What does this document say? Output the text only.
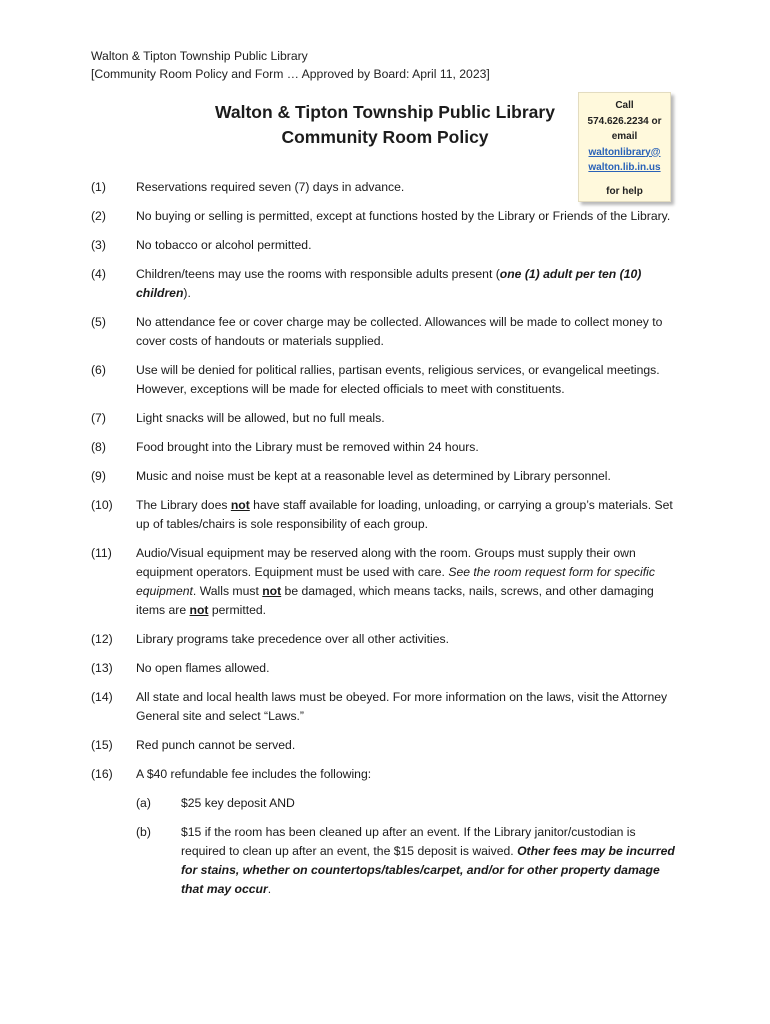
Walton & Tipton Township Public Library
[Community Room Policy and Form … Approved by Board: April 11, 2023]
Walton & Tipton Township Public Library
Community Room Policy
Call
574.626.2234 or
email
waltonlibrary@
walton.lib.in.us
for help
(1) Reservations required seven (7) days in advance.
(2) No buying or selling is permitted, except at functions hosted by the Library or Friends of the Library.
(3) No tobacco or alcohol permitted.
(4) Children/teens may use the rooms with responsible adults present (one (1) adult per ten (10) children).
(5) No attendance fee or cover charge may be collected. Allowances will be made to collect money to cover costs of handouts or materials supplied.
(6) Use will be denied for political rallies, partisan events, religious services, or evangelical meetings. However, exceptions will be made for elected officials to meet with constituents.
(7) Light snacks will be allowed, but no full meals.
(8) Food brought into the Library must be removed within 24 hours.
(9) Music and noise must be kept at a reasonable level as determined by Library personnel.
(10) The Library does not have staff available for loading, unloading, or carrying a group’s materials. Set up of tables/chairs is sole responsibility of each group.
(11) Audio/Visual equipment may be reserved along with the room. Groups must supply their own equipment operators. Equipment must be used with care. See the room request form for specific equipment. Walls must not be damaged, which means tacks, nails, screws, and other damaging items are not permitted.
(12) Library programs take precedence over all other activities.
(13) No open flames allowed.
(14) All state and local health laws must be obeyed. For more information on the laws, visit the Attorney General site and select “Laws.”
(15) Red punch cannot be served.
(16) A $40 refundable fee includes the following:
(a) $25 key deposit AND
(b) $15 if the room has been cleaned up after an event. If the Library janitor/custodian is required to clean up after an event, the $15 deposit is waived. Other fees may be incurred for stains, whether on countertops/tables/carpet, and/or for other property damage that may occur.
